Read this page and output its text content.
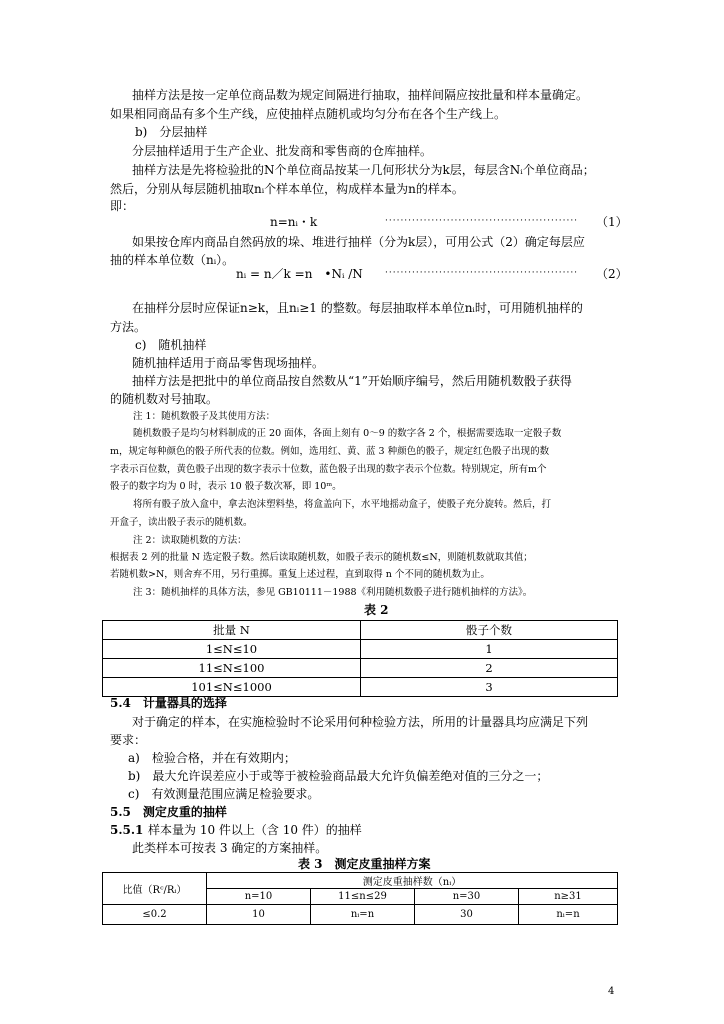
抽样方法是按一定单位商品数为规定间隔进行抽取，抽样间隔应按批量和样本量确定。
如果相同商品有多个生产线，应使抽样点随机或均匀分布在各个生产线上。
b)　分层抽样
分层抽样适用于生产企业、批发商和零售商的仓库抽样。
抽样方法是先将检验批的N个单位商品按某一几何形状分为k层，每层含Nᵢ个单位商品；
然后，分别从每层随机抽取nᵢ个样本单位，构成样本量为n的样本。
即：
n=nᵢ・k	··················································	（1）
如果按仓库内商品自然码放的垛、堆进行抽样（分为k层），可用公式（2）确定每层应
抽的样本单位数（nᵢ）。
nᵢ = n／k =n　•Nᵢ /N ··················································	（2）
在抽样分层时应保证n≥k，且nᵢ≥1 的整数。每层抽取样本单位nᵢ时，可用随机抽样的
方法。
c)　随机抽样
随机抽样适用于商品零售现场抽样。
抽样方法是把批中的单位商品按自然数从“1”开始顺序编号，然后用随机数骰子获得
的随机数对号抽取。
注 1：随机数骰子及其使用方法：
随机数骰子是均匀材料制成的正 20 面体，各面上刻有 0～9 的数字各 2 个，根据需要选取一定骰子数
m，规定每种颜色的骰子所代表的位数。例如，选用红、黄、蓝 3 种颜色的骰子，规定红色骰子出现的数
字表示百位数，黄色骰子出现的数字表示十位数，蓝色骰子出现的数字表示个位数。特别规定，所有m个
骰子的数字均为 0 时，表示 10 骰子数次幂，即 10ᵐ。
将所有骰子放入盒中，拿去泡沫塑料垫，将盒盖向下，水平地摇动盒子，使骰子充分旋转。然后，打
开盒子，读出骰子表示的随机数。
注 2：读取随机数的方法：
根据表 2 列的批量 N 选定骰子数。然后读取随机数，如骰子表示的随机数≤N，则随机数就取其值；
若随机数>N，则舍弃不用，另行重掷。重复上述过程，直到取得 n 个不同的随机数为止。
注 3：随机抽样的具体方法，参见 GB10111－1988《利用随机数骰子进行随机抽样的方法》。
表 2
批量 N	骰子个数
1≤N≤10	1
11≤N≤100	2
101≤N≤1000	3
5.4　计量器具的选择
对于确定的样本，在实施检验时不论采用何种检验方法，所用的计量器具均应满足下列
要求：
a)　检验合格，并在有效期内；
b)　最大允许误差应小于或等于被检验商品最大允许负偏差绝对值的三分之一；
c)　有效测量范围应满足检验要求。
5.5　测定皮重的抽样
5.5.1 样本量为 10 件以上（含 10 件）的抽样
此类样本可按表 3 确定的方案抽样。
表 3　测定皮重抽样方案
比值（Rᶜ/Rᵢ）	测定皮重抽样数（nᵢ）			
	n=10	11≤n≤29	n=30	n≥31
≤0.2	10	nᵢ=n	30	nᵢ=n
4
